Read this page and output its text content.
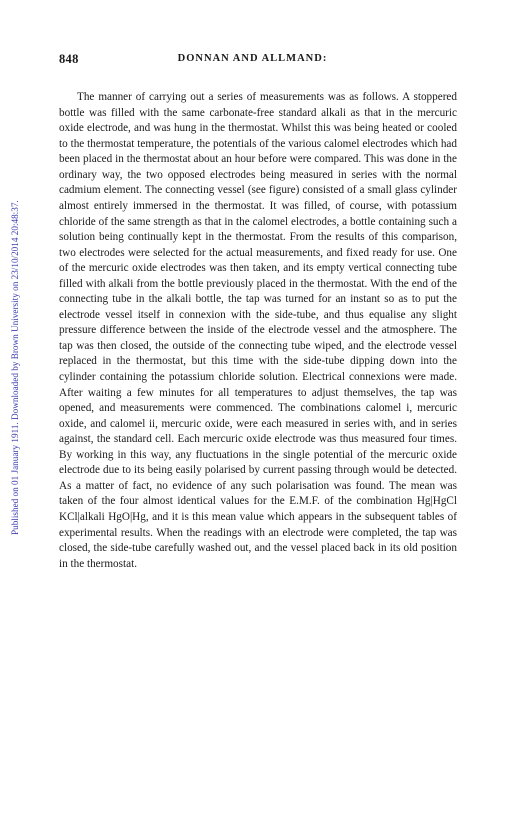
848	DONNAN AND ALLMAND:
Published on 01 January 1911. Downloaded by Brown University on 23/10/2014 20:48:37.

The manner of carrying out a series of measurements was as follows. A stoppered bottle was filled with the same carbonate-free standard alkali as that in the mercuric oxide electrode, and was hung in the thermostat. Whilst this was being heated or cooled to the thermostat temperature, the potentials of the various calomel electrodes which had been placed in the thermostat about an hour before were compared. This was done in the ordinary way, the two opposed electrodes being measured in series with the normal cadmium element. The connecting vessel (see figure) consisted of a small glass cylinder almost entirely immersed in the thermostat. It was filled, of course, with potassium chloride of the same strength as that in the calomel electrodes, a bottle containing such a solution being continually kept in the thermostat. From the results of this comparison, two electrodes were selected for the actual measurements, and fixed ready for use. One of the mercuric oxide electrodes was then taken, and its empty vertical connecting tube filled with alkali from the bottle previously placed in the thermostat. With the end of the connecting tube in the alkali bottle, the tap was turned for an instant so as to put the electrode vessel itself in connexion with the side-tube, and thus equalise any slight pressure difference between the inside of the electrode vessel and the atmosphere. The tap was then closed, the outside of the connecting tube wiped, and the electrode vessel replaced in the thermostat, but this time with the side-tube dipping down into the cylinder containing the potassium chloride solution. Electrical connexions were made. After waiting a few minutes for all temperatures to adjust themselves, the tap was opened, and measurements were commenced. The combinations calomel i, mercuric oxide, and calomel ii, mercuric oxide, were each measured in series with, and in series against, the standard cell. Each mercuric oxide electrode was thus measured four times. By working in this way, any fluctuations in the single potential of the mercuric oxide electrode due to its being easily polarised by current passing through would be detected. As a matter of fact, no evidence of any such polarisation was found. The mean was taken of the four almost identical values for the E.M.F. of the combination Hg|HgCl KCl|alkali HgO|Hg, and it is this mean value which appears in the subsequent tables of experimental results. When the readings with an electrode were completed, the tap was closed, the side-tube carefully washed out, and the vessel placed back in its old position in the thermostat.
